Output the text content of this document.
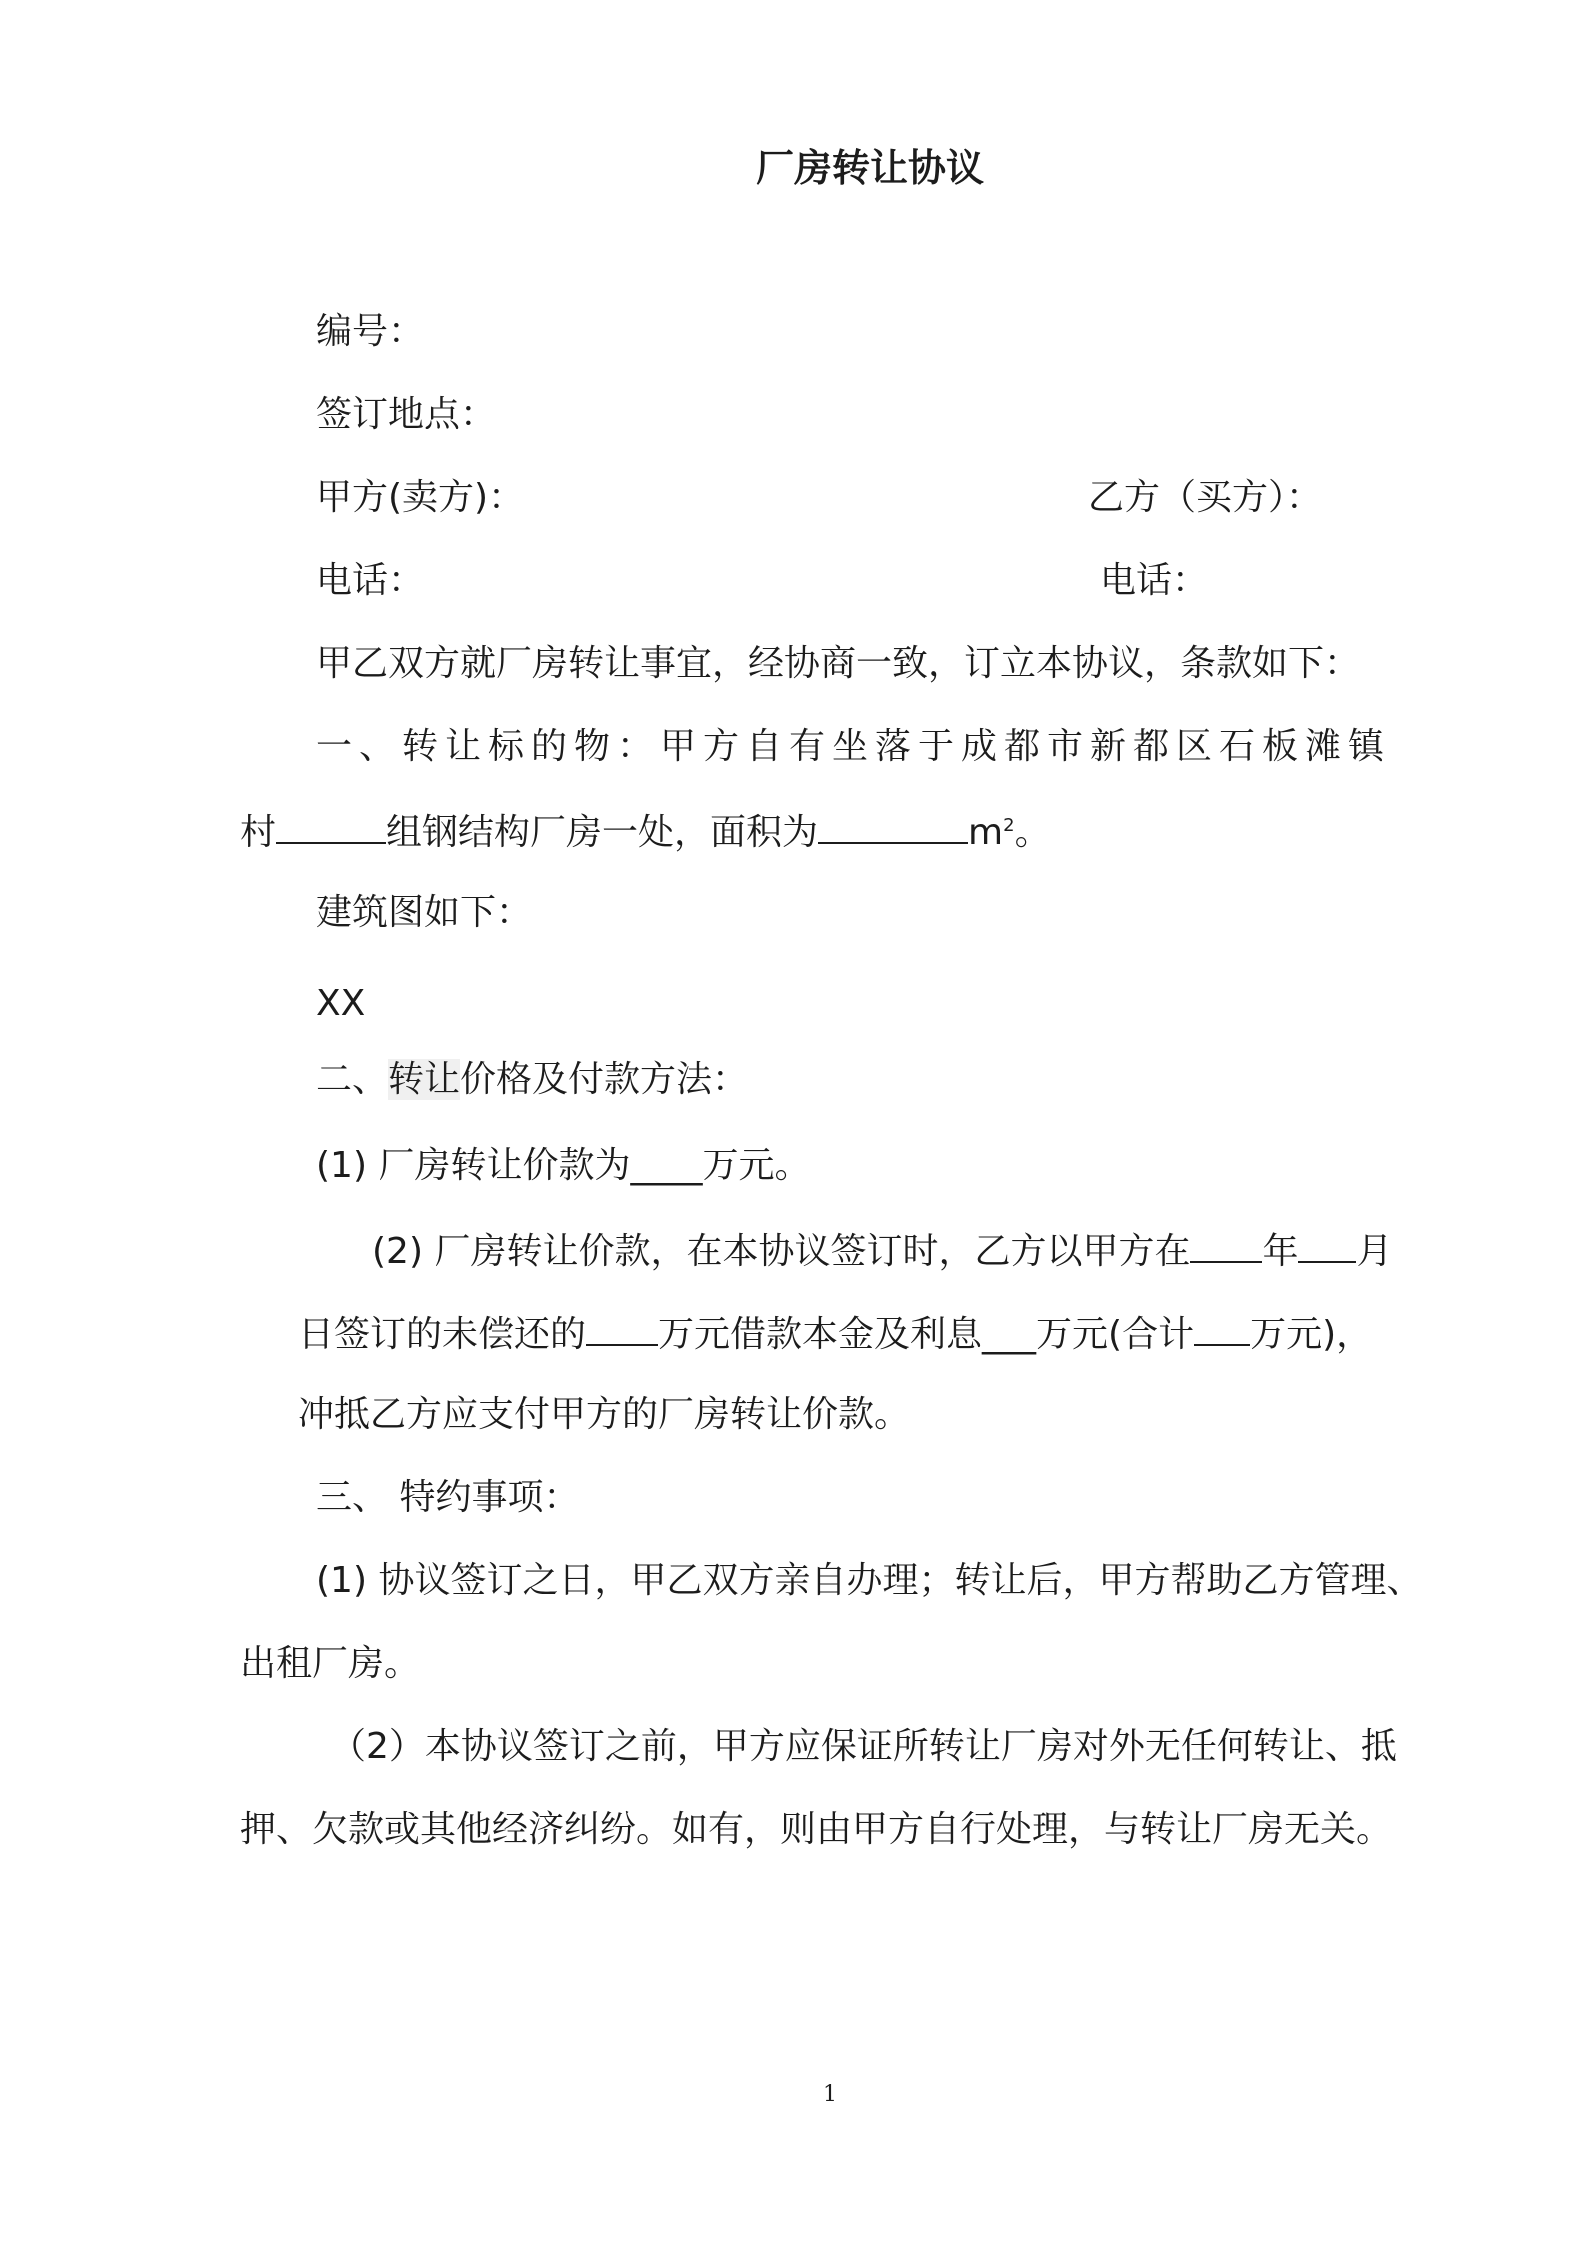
厂房转让协议
编号：
签订地点：
甲方(卖方)：	乙方（买方）：
电话：	电话：
甲乙双方就厂房转让事宜，经协商一致，订立本协议，条款如下：
一、转让标的物：甲方自有坐落于成都市新都区石板滩镇
村	组钢结构厂房一处，面积为	$m^2$。
建筑图如下：
XX
二、转让价格及付款方法：
(1) 厂房转让价款为____万元。
(2) 厂房转让价款，在本协议签订时，乙方以甲方在 年 月
日签订的未偿还的 万元借款本金及利息___万元(合计 万元)，
冲抵乙方应支付甲方的厂房转让价款。
三、 特约事项：
(1) 协议签订之日，甲乙双方亲自办理；转让后，甲方帮助乙方管理、
出租厂房。
（2）本协议签订之前，甲方应保证所转让厂房对外无任何转让、抵
押、欠款或其他经济纠纷。如有，则由甲方自行处理，与转让厂房无关。
1
